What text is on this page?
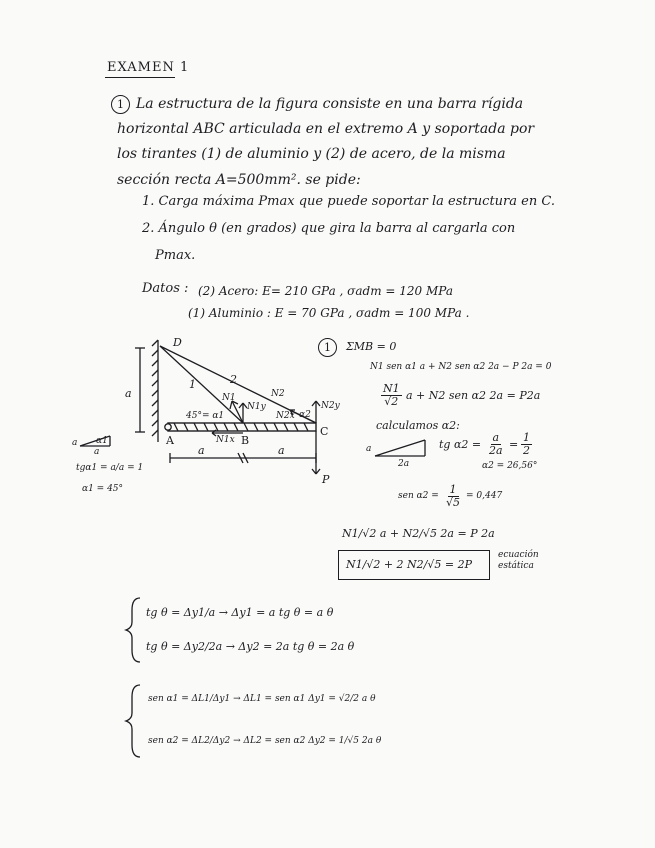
EXAMEN 1
1 La estructura de la figura consiste en una barra rígida
horizontal ABC articulada en el extremo A y soportada por
los tirantes (1) de aluminio y (2) de acero, de la misma
sección recta A=500mm². se pide:
1. Carga máxima Pmax que puede soportar la estructura en C.
2. Ángulo θ (en grados) que gira la barra al cargarla con
Pmax.
Datos : (2) Acero: E= 210 GPa , σadm = 120 MPa
(1) Aluminio : E = 70 GPa , σadm = 100 MPa .
D
a
1	2
N1	N2
N1y	N2y
N2x α2
45°= α1
N1x
A	B
C
P
a	a
a
a
α1
tgα1 = a/a = 1
α1 = 45°
1	ΣMB = 0
N1 sen α1 a + N2 sen α2 2a − P 2a = 0
$\frac{N1}{√2}$ a + N2 sen α2 2a = P2a
calculamos α2:
a
2a
tg $\alpha 2 = \frac{a}{2a} = \frac{1}{2}$
α2 = 26,56°
sen $\alpha 2 = \frac{1}{√5} = 0,447$
N1/√2 a + N2/√5 2a = P 2a
N1/√2 + 2 N2/√5 = 2P
ecuación estática
tg θ = Δy1/a → Δy1 = a tg θ = a θ
tg θ = Δy2/2a → Δy2 = 2a tg θ = 2a θ
sen α1 = ΔL1/Δy1 → ΔL1 = sen α1 Δy1 = √2/2 a θ
sen α2 = ΔL2/Δy2 → ΔL2 = sen α2 Δy2 = 1/√5 2a θ
